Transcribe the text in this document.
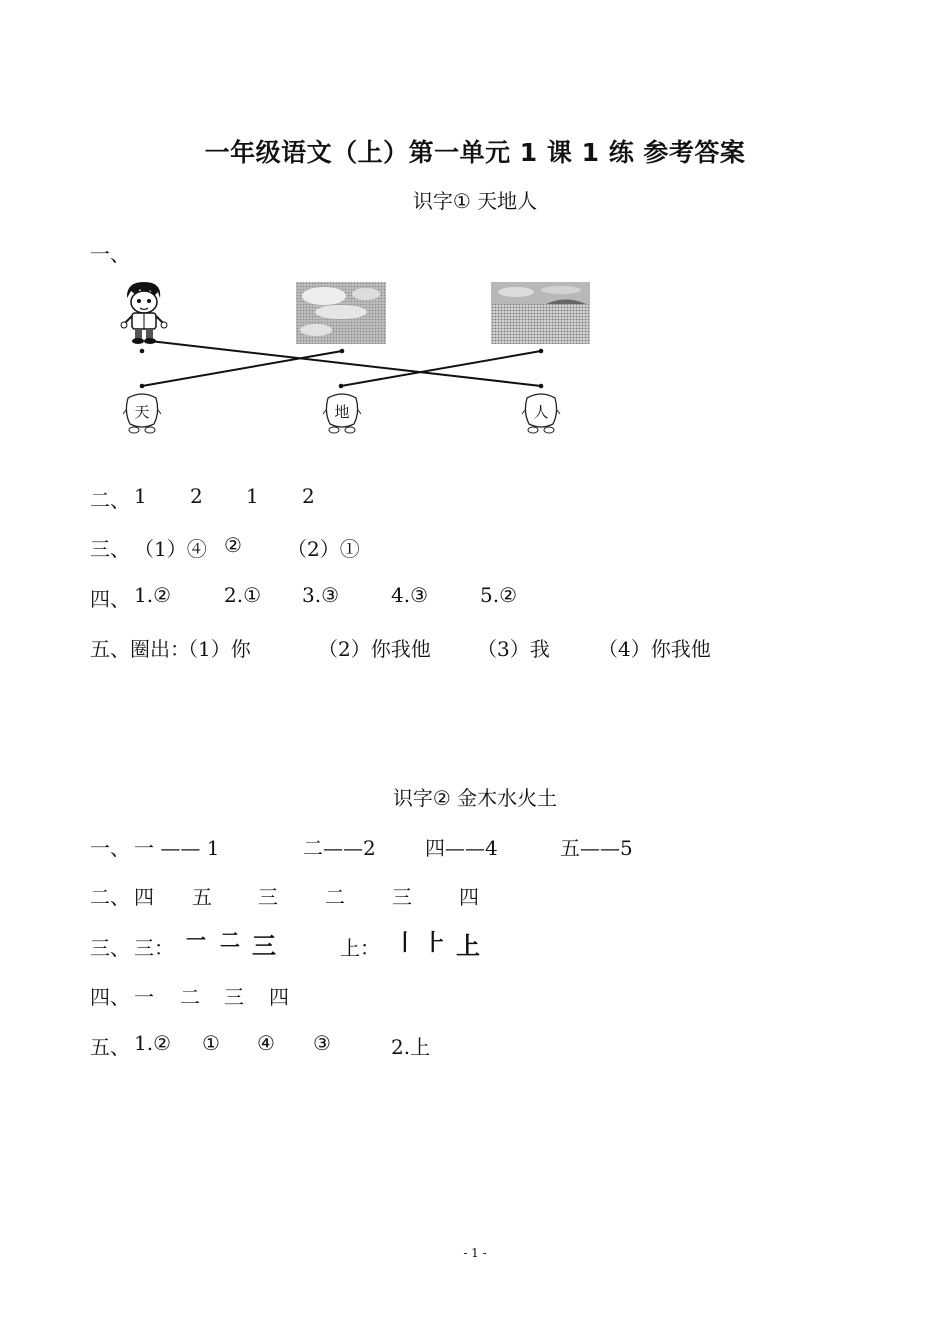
一年级语文（上）第一单元 1 课 1 练 参考答案
识字① 天地人
一、
天	地	人
二、 1 2 1 2
三、 （1）④ ② （2）①
四、 1.②	2.① 3.③	4.③	5.②
五、圈出：
（1）你	（2）你我他 （3）我 （4）你我他
识字② 金木水火土
一、 一 —— 1	二——2 四——4	五——5
二、 四 五 三 二 三 四
三、 三： 一 二 三	上： 丨 ⺊ 上
四、 一 二 三 四
五、 1.② ① ④ ③	2.上
- 1 -
